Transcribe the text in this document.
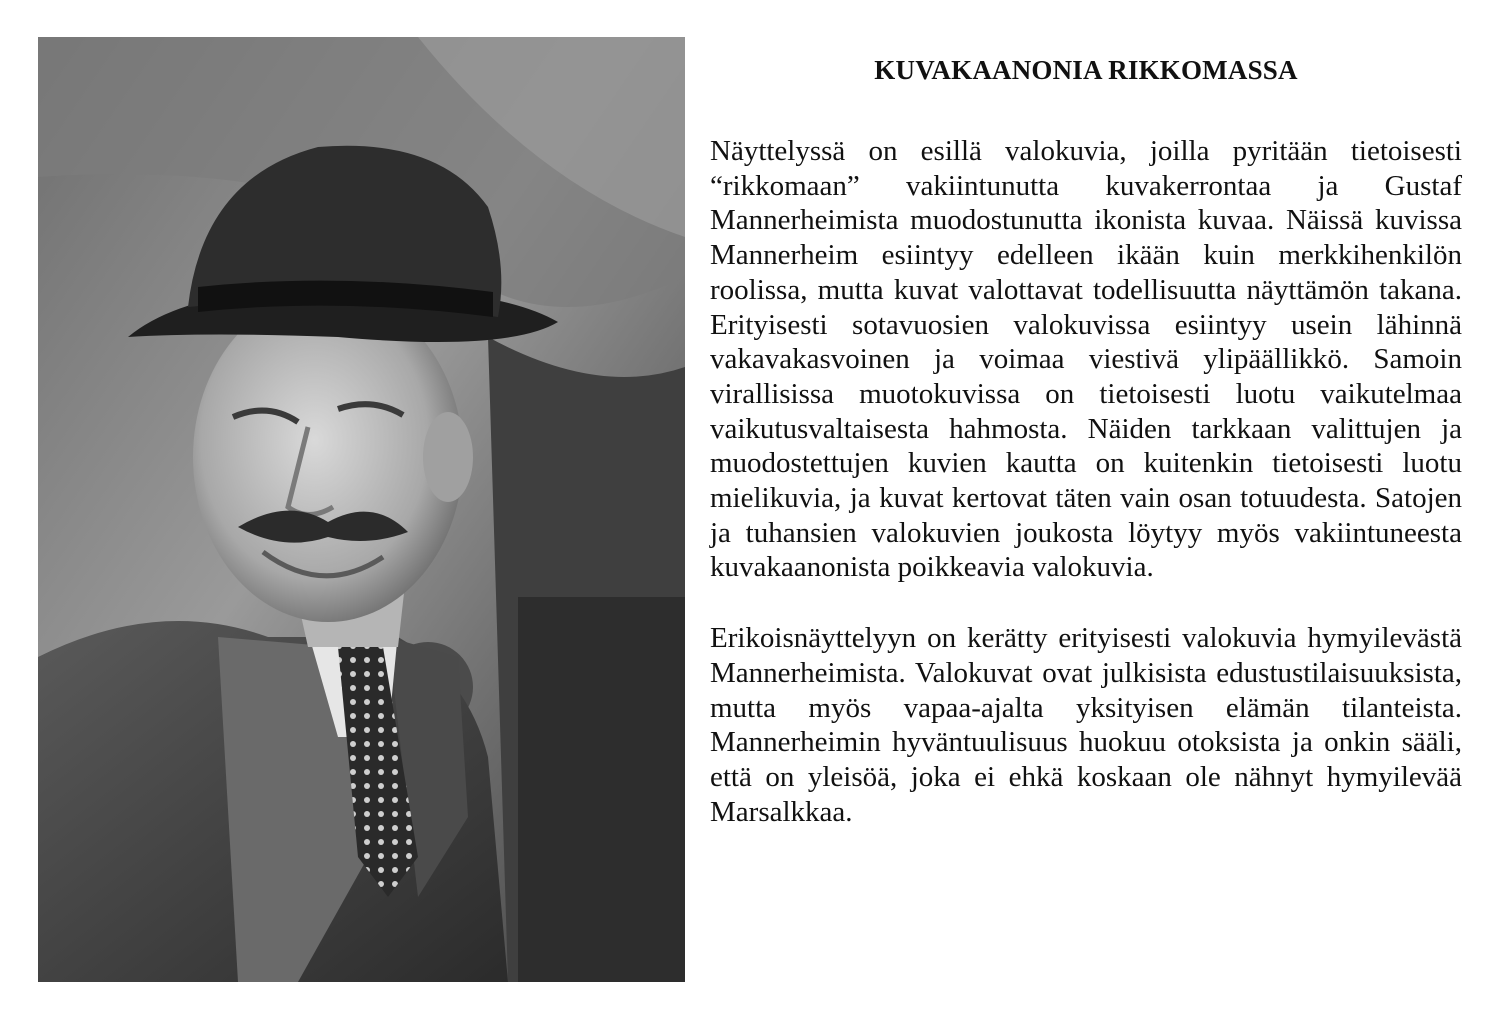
KUVAKAANONIA RIKKOMASSA

Näyttelyssä on esillä valokuvia, joilla pyritään tietoisesti “rikkomaan” vakiintunutta kuvakerrontaa ja Gustaf Mannerheimista muodostunutta ikonista kuvaa. Näissä kuvissa Mannerheim esiintyy edelleen ikään kuin merkkihenkilön roolissa, mutta kuvat valottavat todellisuutta näyttämön takana. Erityisesti sotavuosien valokuvissa esiintyy usein lähinnä vakavakasvoinen ja voimaa viestivä ylipäällikkö. Samoin virallisissa muotokuvissa on tietoisesti luotu vaikutelmaa vaikutusvaltaisesta hahmosta. Näiden tarkkaan valittujen ja muodostettujen kuvien kautta on kuitenkin tietoisesti luotu mielikuvia, ja kuvat kertovat täten vain osan totuudesta. Satojen ja tuhansien valokuvien joukosta löytyy myös vakiintuneesta kuvakaanonista poikkeavia valokuvia.

Erikoisnäyttelyyn on kerätty erityisesti valokuvia hymyilevästä Mannerheimista. Valokuvat ovat julkisista edustustilaisuuksista, mutta myös vapaa-ajalta yksityisen elämän tilanteista. Mannerheimin hyväntuulisuus huokuu otoksista ja onkin sääli, että on yleisöä, joka ei ehkä koskaan ole nähnyt hymyilevää Marsalkkaa.
